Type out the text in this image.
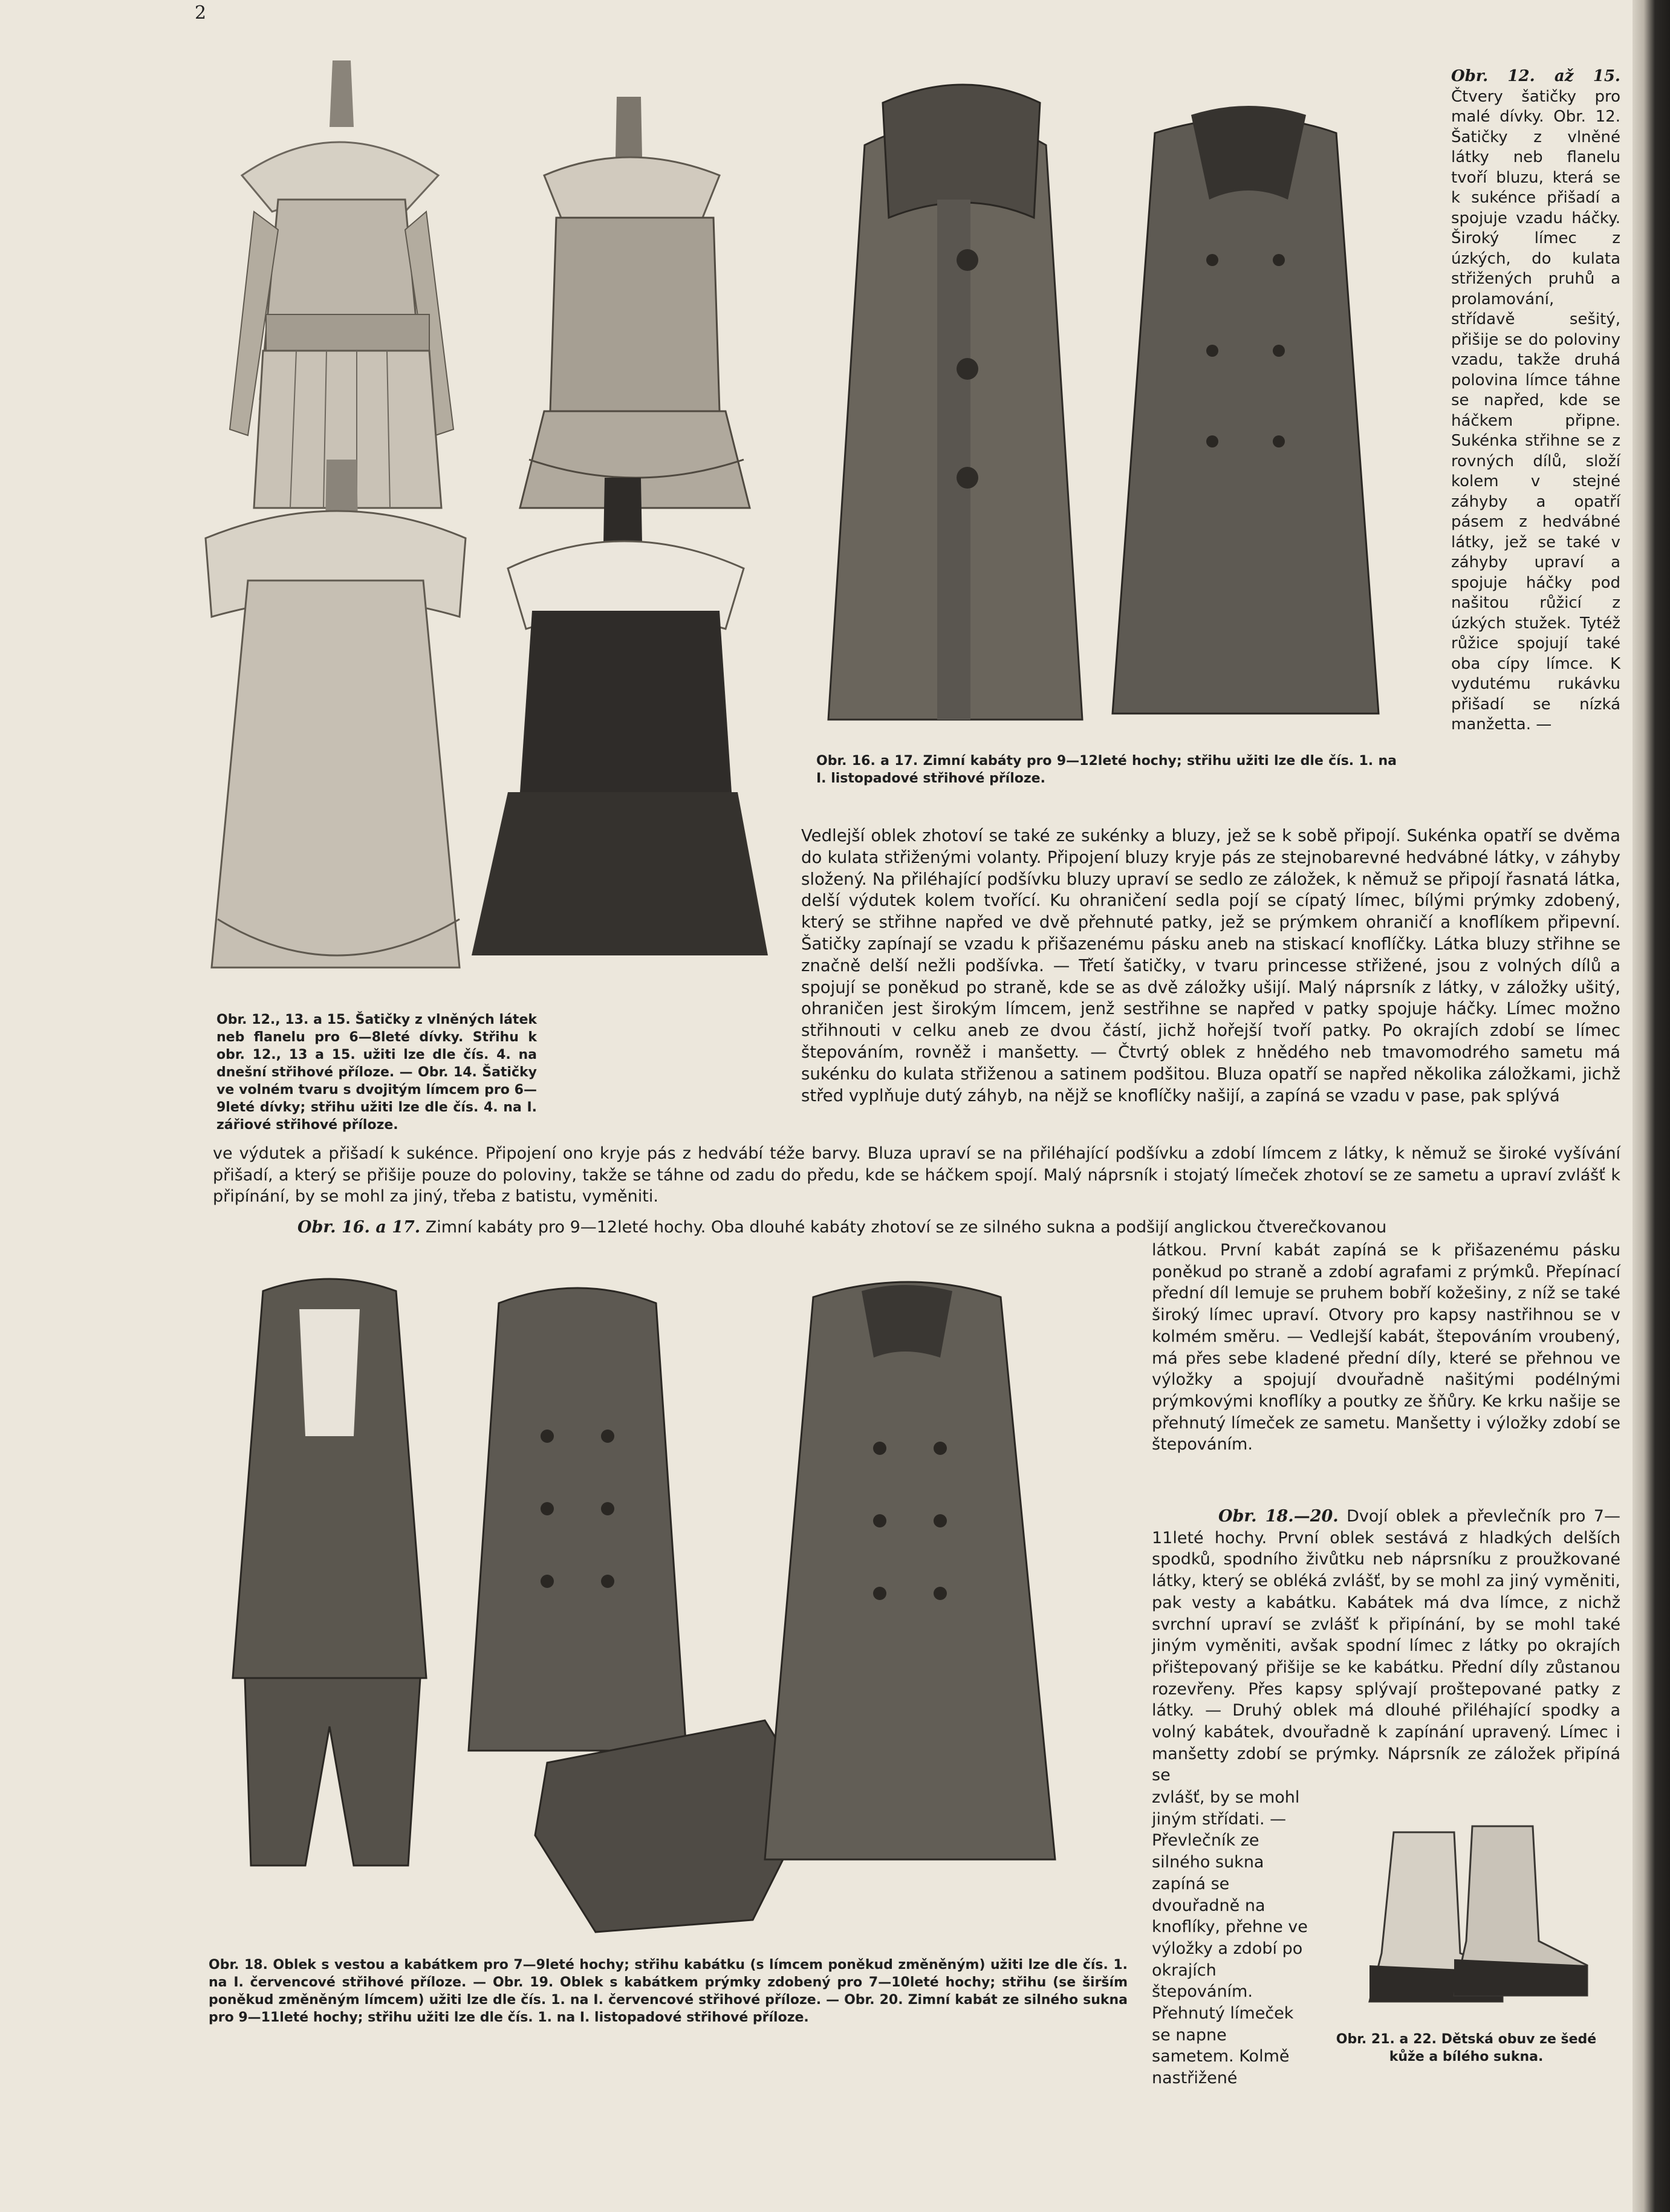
2
Obr. 12., 13. a 15. Šatičky z vlněných látek neb flanelu pro 6—8leté dívky. Střihu k obr. 12., 13 a 15. užiti lze dle čís. 4. na dnešní střihové příloze. — Obr. 14. Šatičky ve volném tvaru s dvojitým límcem pro 6—9leté dívky; střihu užiti lze dle čís. 4. na I. zářiové střihové příloze.
Obr. 16. a 17. Zimní kabáty pro 9—12leté hochy; střihu užiti lze dle čís. 1. na I. listopadové střihové příloze.
Obr. 12. až 15. Čtvery šatičky pro malé dívky. Obr. 12. Šatičky z vlněné látky neb flanelu tvoří bluzu, která se k sukénce přišadí a spojuje vzadu háčky. Široký límec z úzkých, do kulata střižených pruhů a prolamování, střídavě sešitý, přišije se do poloviny vzadu, takže druhá polovina límce táhne se napřed, kde se háčkem připne. Sukénka střihne se z rovných dílů, složí kolem v stejné záhyby a opatří pásem z hedvábné látky, jež se také v záhyby upraví a spojuje háčky pod našitou růžicí z úzkých stužek. Tytéž růžice spojují také oba cípy límce. K vydutému rukávku přišadí se nízká manžetta. —
Vedlejší oblek zhotoví se také ze sukénky a bluzy, jež se k sobě připojí. Sukénka opatří se dvěma do kulata střiženými volanty. Připojení bluzy kryje pás ze stejnobarevné hedvábné látky, v záhyby složený. Na přiléhající podšívku bluzy upraví se sedlo ze záložek, k němuž se připojí řasnatá látka, delší výdutek kolem tvořící. Ku ohraničení sedla pojí se cípatý límec, bílými prýmky zdobený, který se střihne napřed ve dvě přehnuté patky, jež se prýmkem ohraničí a knoflíkem připevní. Šatičky zapínají se vzadu k přišazenému pásku aneb na stiskací knoflíčky. Látka bluzy střihne se značně delší nežli podšívka. — Třetí šatičky, v tvaru princesse střižené, jsou z volných dílů a spojují se poněkud po straně, kde se as dvě záložky ušijí. Malý náprsník z látky, v záložky ušitý, ohraničen jest širokým límcem, jenž sestřihne se napřed v patky spojuje háčky. Límec možno střihnouti v celku aneb ze dvou částí, jichž hořejší tvoří patky. Po okrajích zdobí se límec štepováním, rovněž i manšetty. — Čtvrtý oblek z hnědého neb tmavomodrého sametu má sukénku do kulata střiženou a satinem podšitou. Bluza opatří se napřed několika záložkami, jichž střed vyplňuje dutý záhyb, na nějž se knoflíčky našijí, a zapíná se vzadu v pase, pak splývá
ve výdutek a přišadí k sukénce. Připojení ono kryje pás z hedvábí téže barvy. Bluza upraví se na přiléhající podšívku a zdobí límcem z látky, k němuž se široké vyšívání přišadí, a který se přišije pouze do poloviny, takže se táhne od zadu do předu, kde se háčkem spojí. Malý náprsník i stojatý límeček zhotoví se ze sametu a upraví zvlášť k připínání, by se mohl za jiný, třeba z batistu, vyměniti.
Obr. 16. a 17. Zimní kabáty pro 9—12leté hochy. Oba dlouhé kabáty zhotoví se ze silného sukna a podšijí anglickou čtverečkovanou
látkou. První kabát zapíná se k přišazenému pásku poněkud po straně a zdobí agrafami z prýmků. Přepínací přední díl lemuje se pruhem bobří kožešiny, z níž se také široký límec upraví. Otvory pro kapsy nastřihnou se v kolmém směru. — Vedlejší kabát, štepováním vroubený, má přes sebe kladené přední díly, které se přehnou ve výložky a spojují dvouřadně našitými podélnými prýmkovými knoflíky a poutky ze šňůry. Ke krku našije se přehnutý límeček ze sametu. Manšetty i výložky zdobí se štepováním.
Obr. 18.—20. Dvojí oblek a převlečník pro 7—11leté hochy. První oblek sestává z hladkých delších spodků, spodního živůtku neb náprsníku z proužkované látky, který se obléká zvlášť, by se mohl za jiný vyměniti, pak vesty a kabátku. Kabátek má dva límce, z nichž svrchní upraví se zvlášť k připínání, by se mohl také jiným vyměniti, avšak spodní límec z látky po okrajích přištepovaný přišije se ke kabátku. Přední díly zůstanou rozevřeny. Přes kapsy splývají proštepované patky z látky. — Druhý oblek má dlouhé přiléhající spodky a volný kabátek, dvouřadně k zapínání upravený. Límec i manšetty zdobí se prýmky. Náprsník ze záložek připíná se
zvlášť, by se mohl jiným střídati. — Převlečník ze silného sukna zapíná se dvouřadně na knoflíky, přehne ve výložky a zdobí po okrajích štepováním. Přehnutý límeček se napne sametem. Kolmě nastřižené
Obr. 21. a 22. Dětská obuv ze šedé kůže a bílého sukna.
Obr. 18. Oblek s vestou a kabátkem pro 7—9leté hochy; střihu kabátku (s límcem poněkud změněným) užiti lze dle čís. 1. na I. červencové střihové příloze. — Obr. 19. Oblek s kabátkem prýmky zdobený pro 7—10leté hochy; střihu (se širším poněkud změněným límcem) užiti lze dle čís. 1. na I. červencové střihové příloze. — Obr. 20. Zimní kabát ze silného sukna pro 9—11leté hochy; střihu užiti lze dle čís. 1. na I. listopadové střihové příloze.
